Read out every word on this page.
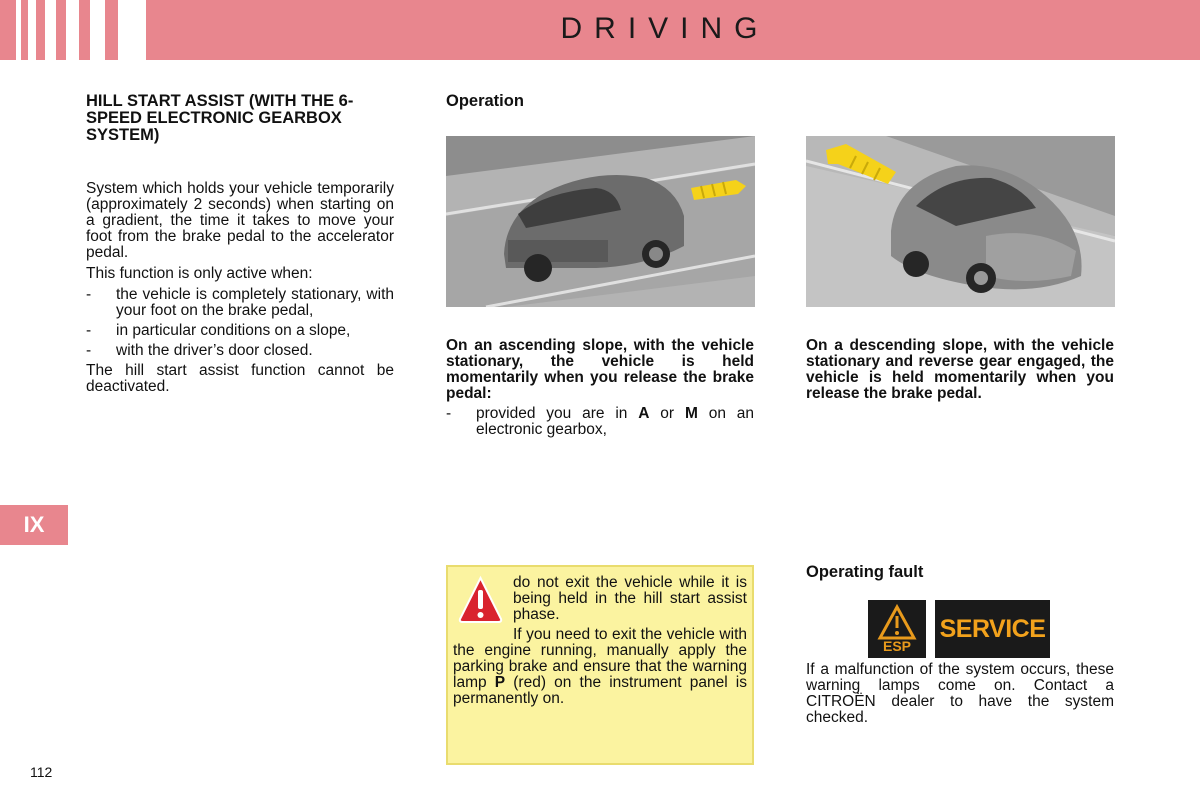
DRIVING
IX
HILL START ASSIST (WITH THE 6-SPEED ELECTRONIC GEARBOX SYSTEM)

System which holds your vehicle temporarily (approximately 2 seconds) when starting on a gradient, the time it takes to move your foot from the brake pedal to the accelerator pedal.

This function is only active when:

- the vehicle is completely stationary, with your foot on the brake pedal,
- in particular conditions on a slope,
- with the driver’s door closed.

The hill start assist function cannot be deactivated.

Operation

On an ascending slope, with the vehicle stationary, the vehicle is held momentarily when you release the brake pedal:

- provided you are in A or M on an electronic gearbox,

On a descending slope, with the vehicle stationary and reverse gear engaged, the vehicle is held momentarily when you release the brake pedal.

do not exit the vehicle while it is being held in the hill start assist phase.

If you need to exit the vehicle with the engine running, manually apply the parking brake and ensure that the warning lamp P (red) on the instrument panel is permanently on.

Operating fault
ESP
SERVICE

If a malfunction of the system occurs, these warning lamps come on. Contact a CITROËN dealer to have the system checked.

112
